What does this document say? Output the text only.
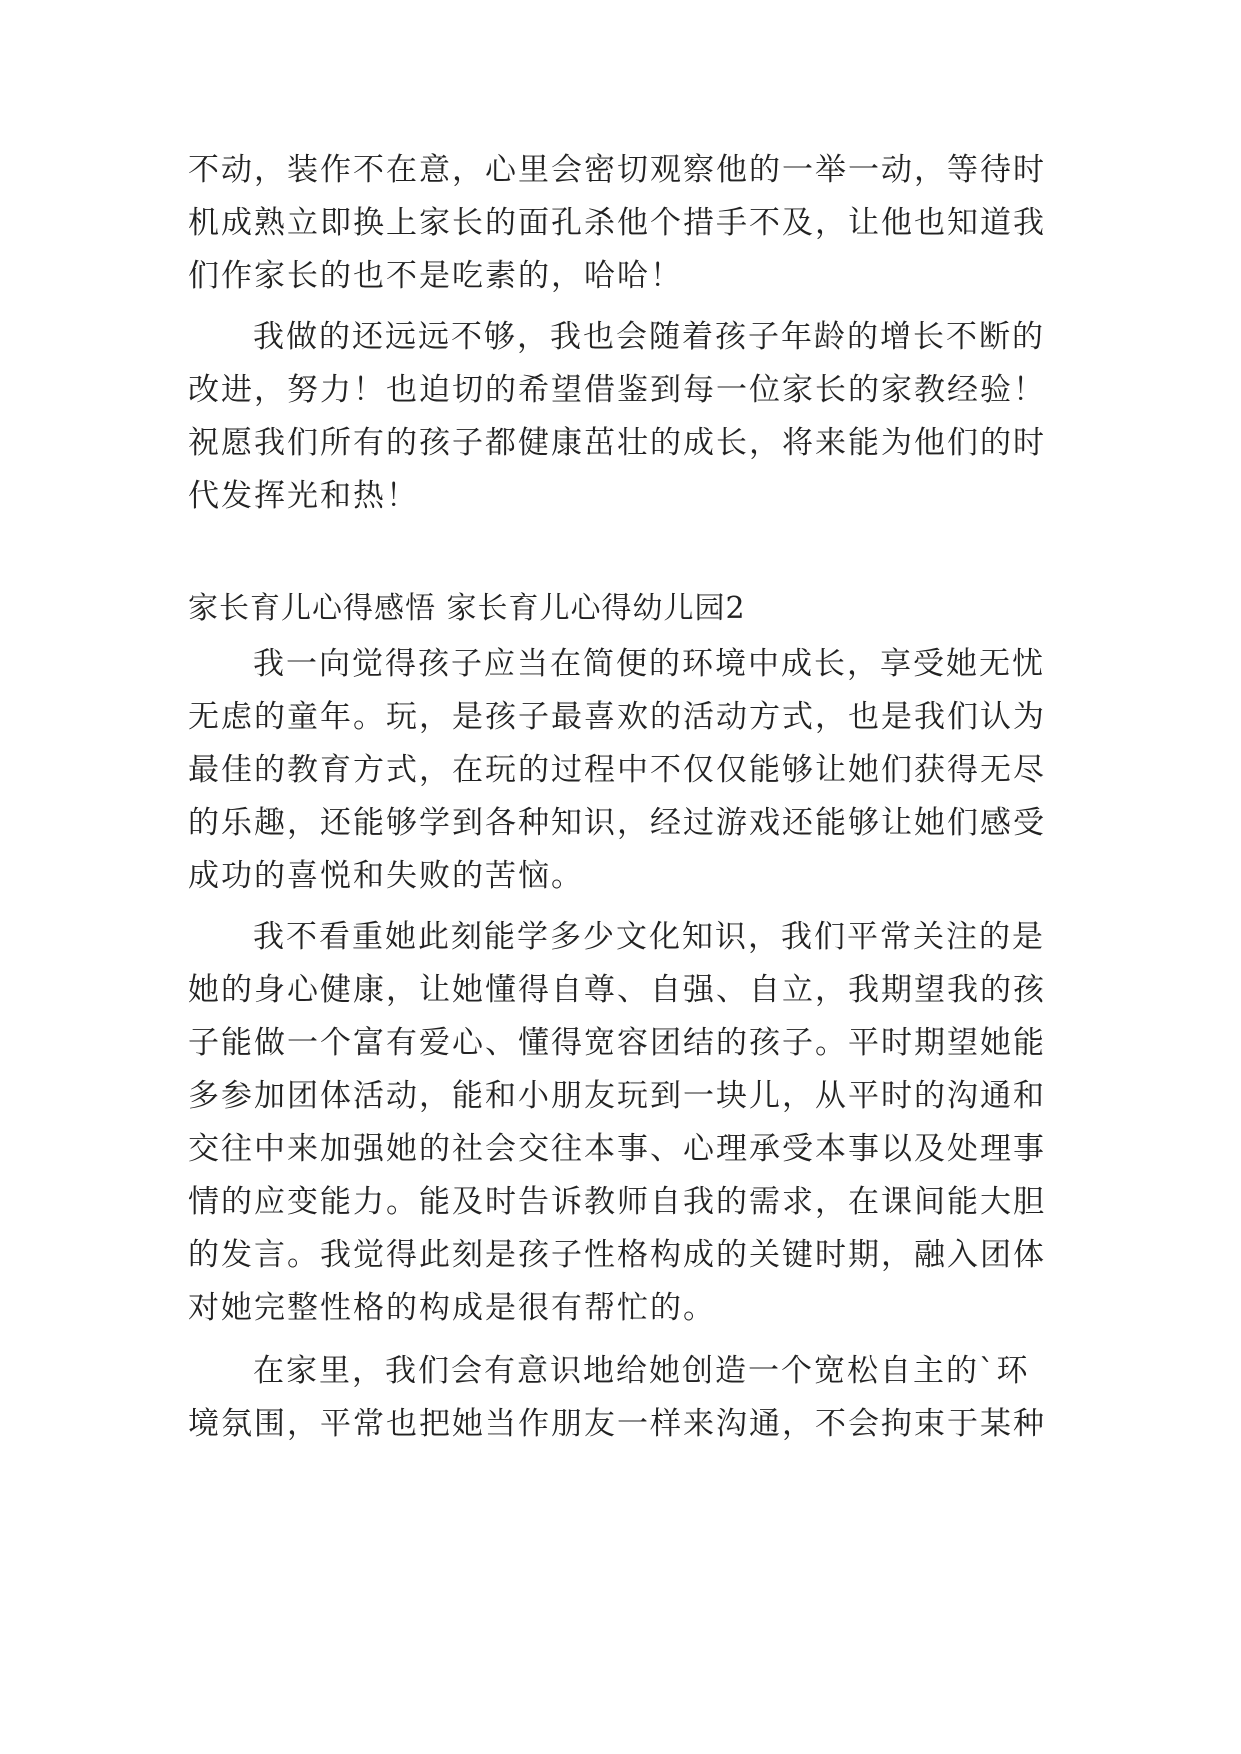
不动，装作不在意，心里会密切观察他的一举一动，等待时
机成熟立即换上家长的面孔杀他个措手不及，让他也知道我
们作家长的也不是吃素的，哈哈！
我做的还远远不够，我也会随着孩子年龄的增长不断的
改进，努力！也迫切的希望借鉴到每一位家长的家教经验！
祝愿我们所有的孩子都健康茁壮的成长，将来能为他们的时
代发挥光和热！
家长育儿心得感悟 家长育儿心得幼儿园2
我一向觉得孩子应当在简便的环境中成长，享受她无忧
无虑的童年。玩，是孩子最喜欢的活动方式，也是我们认为
最佳的教育方式，在玩的过程中不仅仅能够让她们获得无尽
的乐趣，还能够学到各种知识，经过游戏还能够让她们感受
成功的喜悦和失败的苦恼。
我不看重她此刻能学多少文化知识，我们平常关注的是
她的身心健康，让她懂得自尊、自强、自立，我期望我的孩
子能做一个富有爱心、懂得宽容团结的孩子。平时期望她能
多参加团体活动，能和小朋友玩到一块儿，从平时的沟通和
交往中来加强她的社会交往本事、心理承受本事以及处理事
情的应变能力。能及时告诉教师自我的需求，在课间能大胆
的发言。我觉得此刻是孩子性格构成的关键时期，融入团体
对她完整性格的构成是很有帮忙的。
在家里，我们会有意识地给她创造一个宽松自主的`环
境氛围，平常也把她当作朋友一样来沟通，不会拘束于某种
